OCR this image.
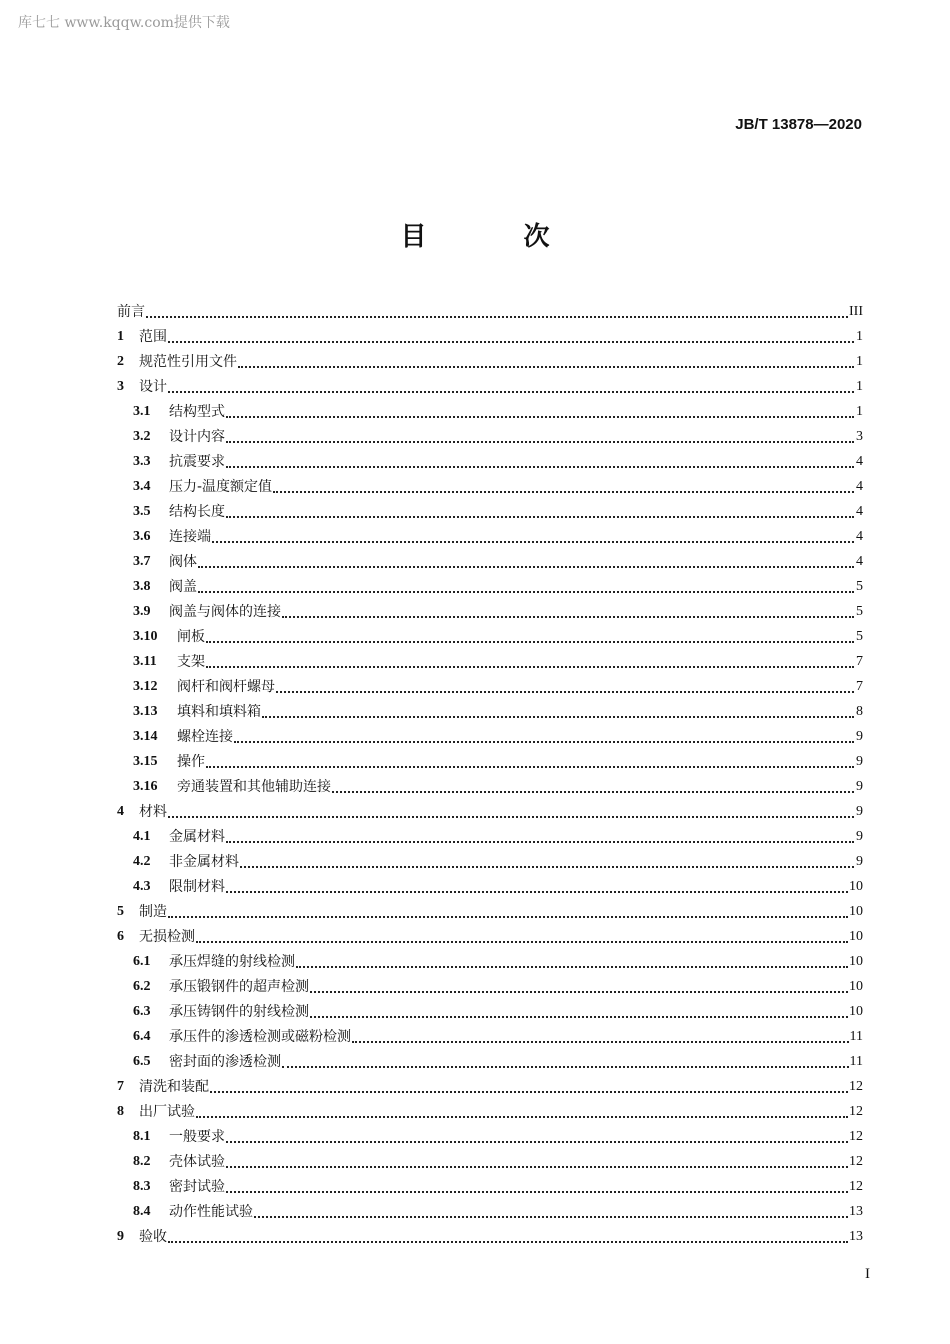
库七七 www.kqqw.com提供下载
JB/T 13878—2020
目 次
前言	III
1	范围	1
2	规范性引用文件	1
3	设计	1
3.1	结构型式	1
3.2	设计内容	3
3.3	抗震要求	4
3.4	压力-温度额定值	4
3.5	结构长度	4
3.6	连接端	4
3.7	阀体	4
3.8	阀盖	5
3.9	阀盖与阀体的连接	5
3.10	闸板	5
3.11	支架	7
3.12	阀杆和阀杆螺母	7
3.13	填料和填料箱	8
3.14	螺栓连接	9
3.15	操作	9
3.16	旁通装置和其他辅助连接	9
4	材料	9
4.1	金属材料	9
4.2	非金属材料	9
4.3	限制材料	10
5	制造	10
6	无损检测	10
6.1	承压焊缝的射线检测	10
6.2	承压锻钢件的超声检测	10
6.3	承压铸钢件的射线检测	10
6.4	承压件的渗透检测或磁粉检测	11
6.5	密封面的渗透检测	11
7	清洗和装配	12
8	出厂试验	12
8.1	一般要求	12
8.2	壳体试验	12
8.3	密封试验	12
8.4	动作性能试验	13
9	验收	13
I
